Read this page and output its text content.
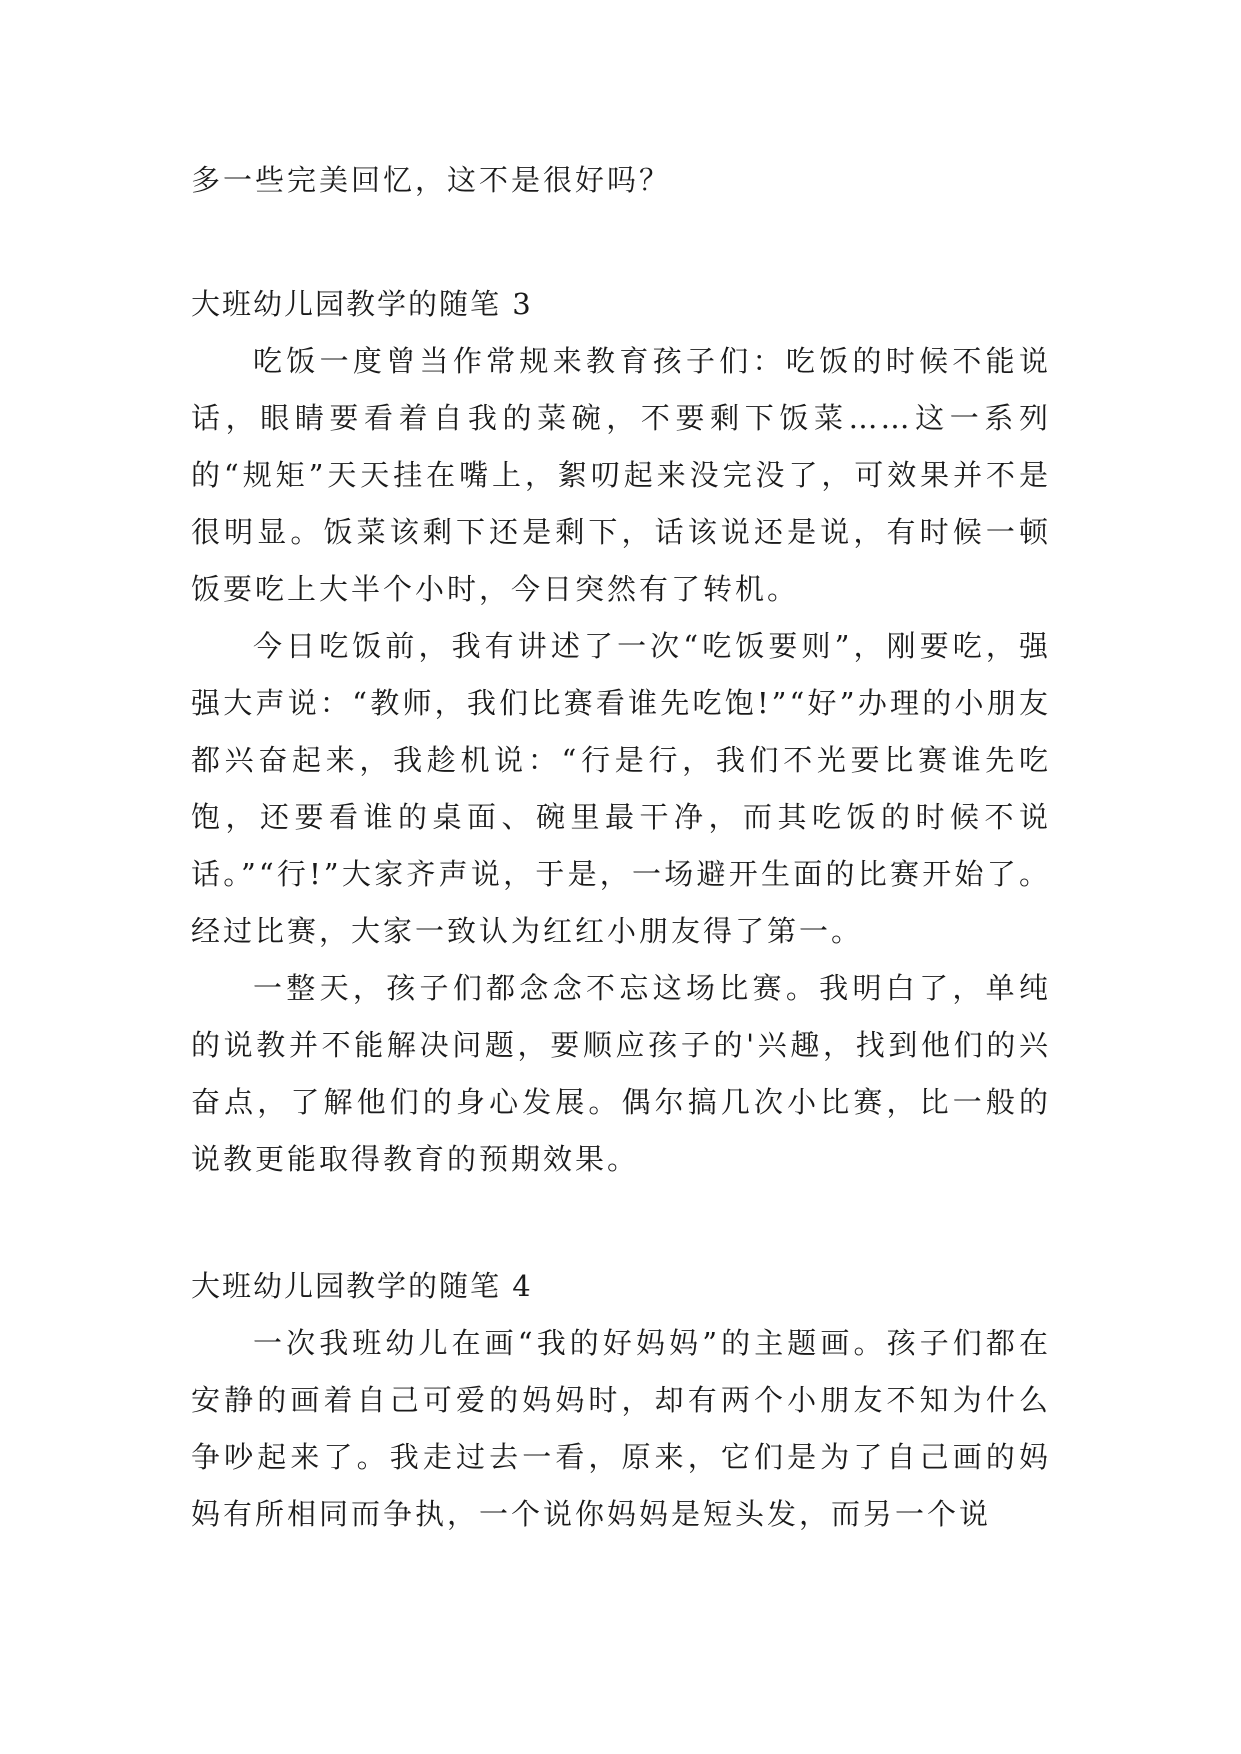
多一些完美回忆，这不是很好吗？
大班幼儿园教学的随笔 3

吃饭一度曾当作常规来教育孩子们：吃饭的时候不能说话，眼睛要看着自我的菜碗，不要剩下饭菜……这一系列的“规矩”天天挂在嘴上，絮叨起来没完没了，可效果并不是很明显。饭菜该剩下还是剩下，话该说还是说，有时候一顿饭要吃上大半个小时，今日突然有了转机。

今日吃饭前，我有讲述了一次“吃饭要则”，刚要吃，强强大声说：“教师，我们比赛看谁先吃饱!”“好”办理的小朋友都兴奋起来，我趁机说：“行是行，我们不光要比赛谁先吃饱，还要看谁的桌面、碗里最干净，而其吃饭的时候不说话。”“行!”大家齐声说，于是，一场避开生面的比赛开始了。经过比赛，大家一致认为红红小朋友得了第一。

一整天，孩子们都念念不忘这场比赛。我明白了，单纯的说教并不能解决问题，要顺应孩子的'兴趣，找到他们的兴奋点，了解他们的身心发展。偶尔搞几次小比赛，比一般的说教更能取得教育的预期效果。

大班幼儿园教学的随笔 4

一次我班幼儿在画“我的好妈妈”的主题画。孩子们都在安静的画着自己可爱的妈妈时，却有两个小朋友不知为什么争吵起来了。我走过去一看，原来，它们是为了自己画的妈妈有所相同而争执，一个说你妈妈是短头发，而另一个说
